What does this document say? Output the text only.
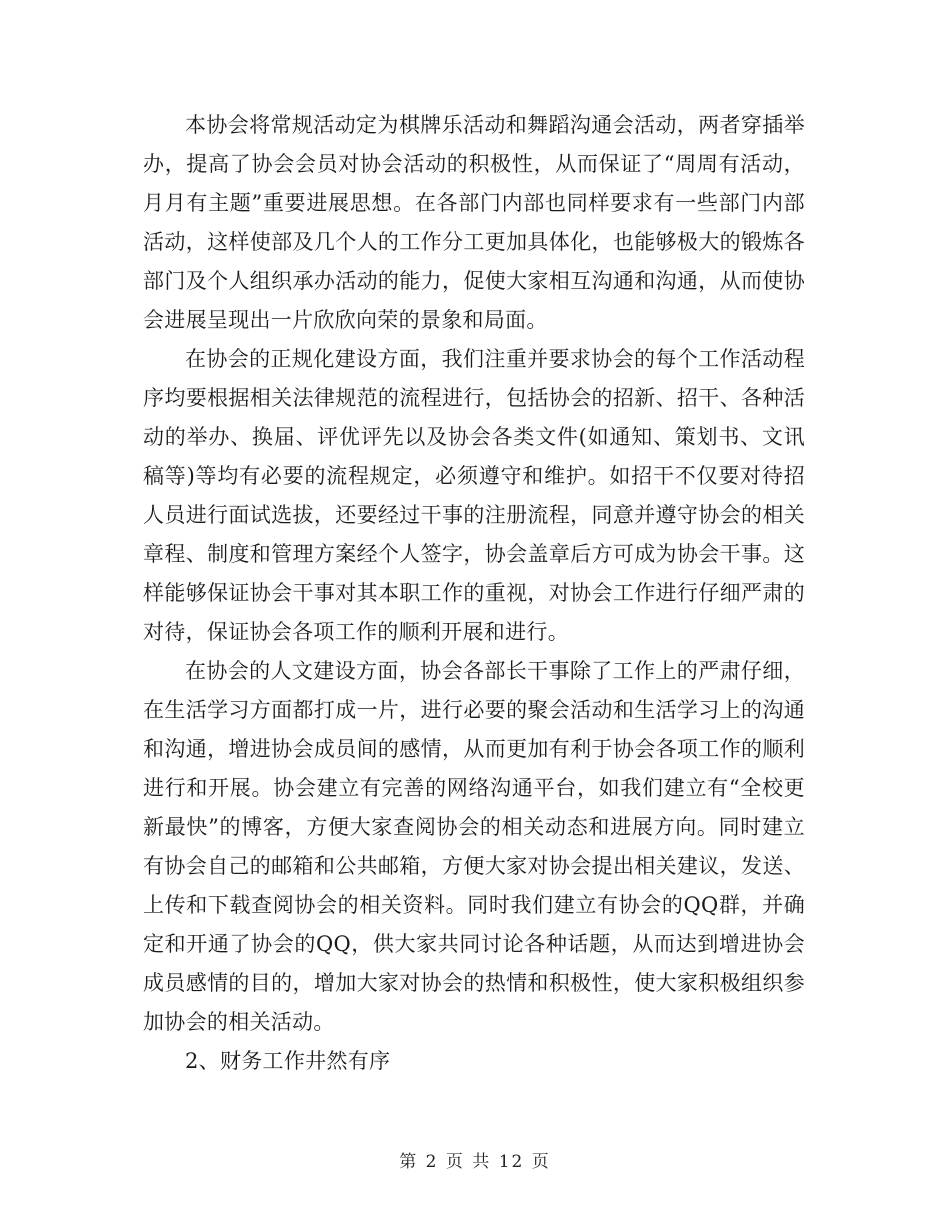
本协会将常规活动定为棋牌乐活动和舞蹈沟通会活动，两者穿插举办，提高了协会会员对协会活动的积极性，从而保证了“周周有活动，月月有主题”重要进展思想。在各部门内部也同样要求有一些部门内部活动，这样使部及几个人的工作分工更加具体化，也能够极大的锻炼各部门及个人组织承办活动的能力，促使大家相互沟通和沟通，从而使协会进展呈现出一片欣欣向荣的景象和局面。

在协会的正规化建设方面，我们注重并要求协会的每个工作活动程序均要根据相关法律规范的流程进行，包括协会的招新、招干、各种活动的举办、换届、评优评先以及协会各类文件(如通知、策划书、文讯稿等)等均有必要的流程规定，必须遵守和维护。如招干不仅要对待招人员进行面试选拔，还要经过干事的注册流程，同意并遵守协会的相关章程、制度和管理方案经个人签字，协会盖章后方可成为协会干事。这样能够保证协会干事对其本职工作的重视，对协会工作进行仔细严肃的对待，保证协会各项工作的顺利开展和进行。

在协会的人文建设方面，协会各部长干事除了工作上的严肃仔细，在生活学习方面都打成一片，进行必要的聚会活动和生活学习上的沟通和沟通，增进协会成员间的感情，从而更加有利于协会各项工作的顺利进行和开展。协会建立有完善的网络沟通平台，如我们建立有“全校更新最快”的博客，方便大家查阅协会的相关动态和进展方向。同时建立有协会自己的邮箱和公共邮箱，方便大家对协会提出相关建议，发送、上传和下载查阅协会的相关资料。同时我们建立有协会的QQ群，并确定和开通了协会的QQ，供大家共同讨论各种话题，从而达到增进协会成员感情的目的，增加大家对协会的热情和积极性，使大家积极组织参加协会的相关活动。

2、财务工作井然有序

第 2 页 共 12 页
